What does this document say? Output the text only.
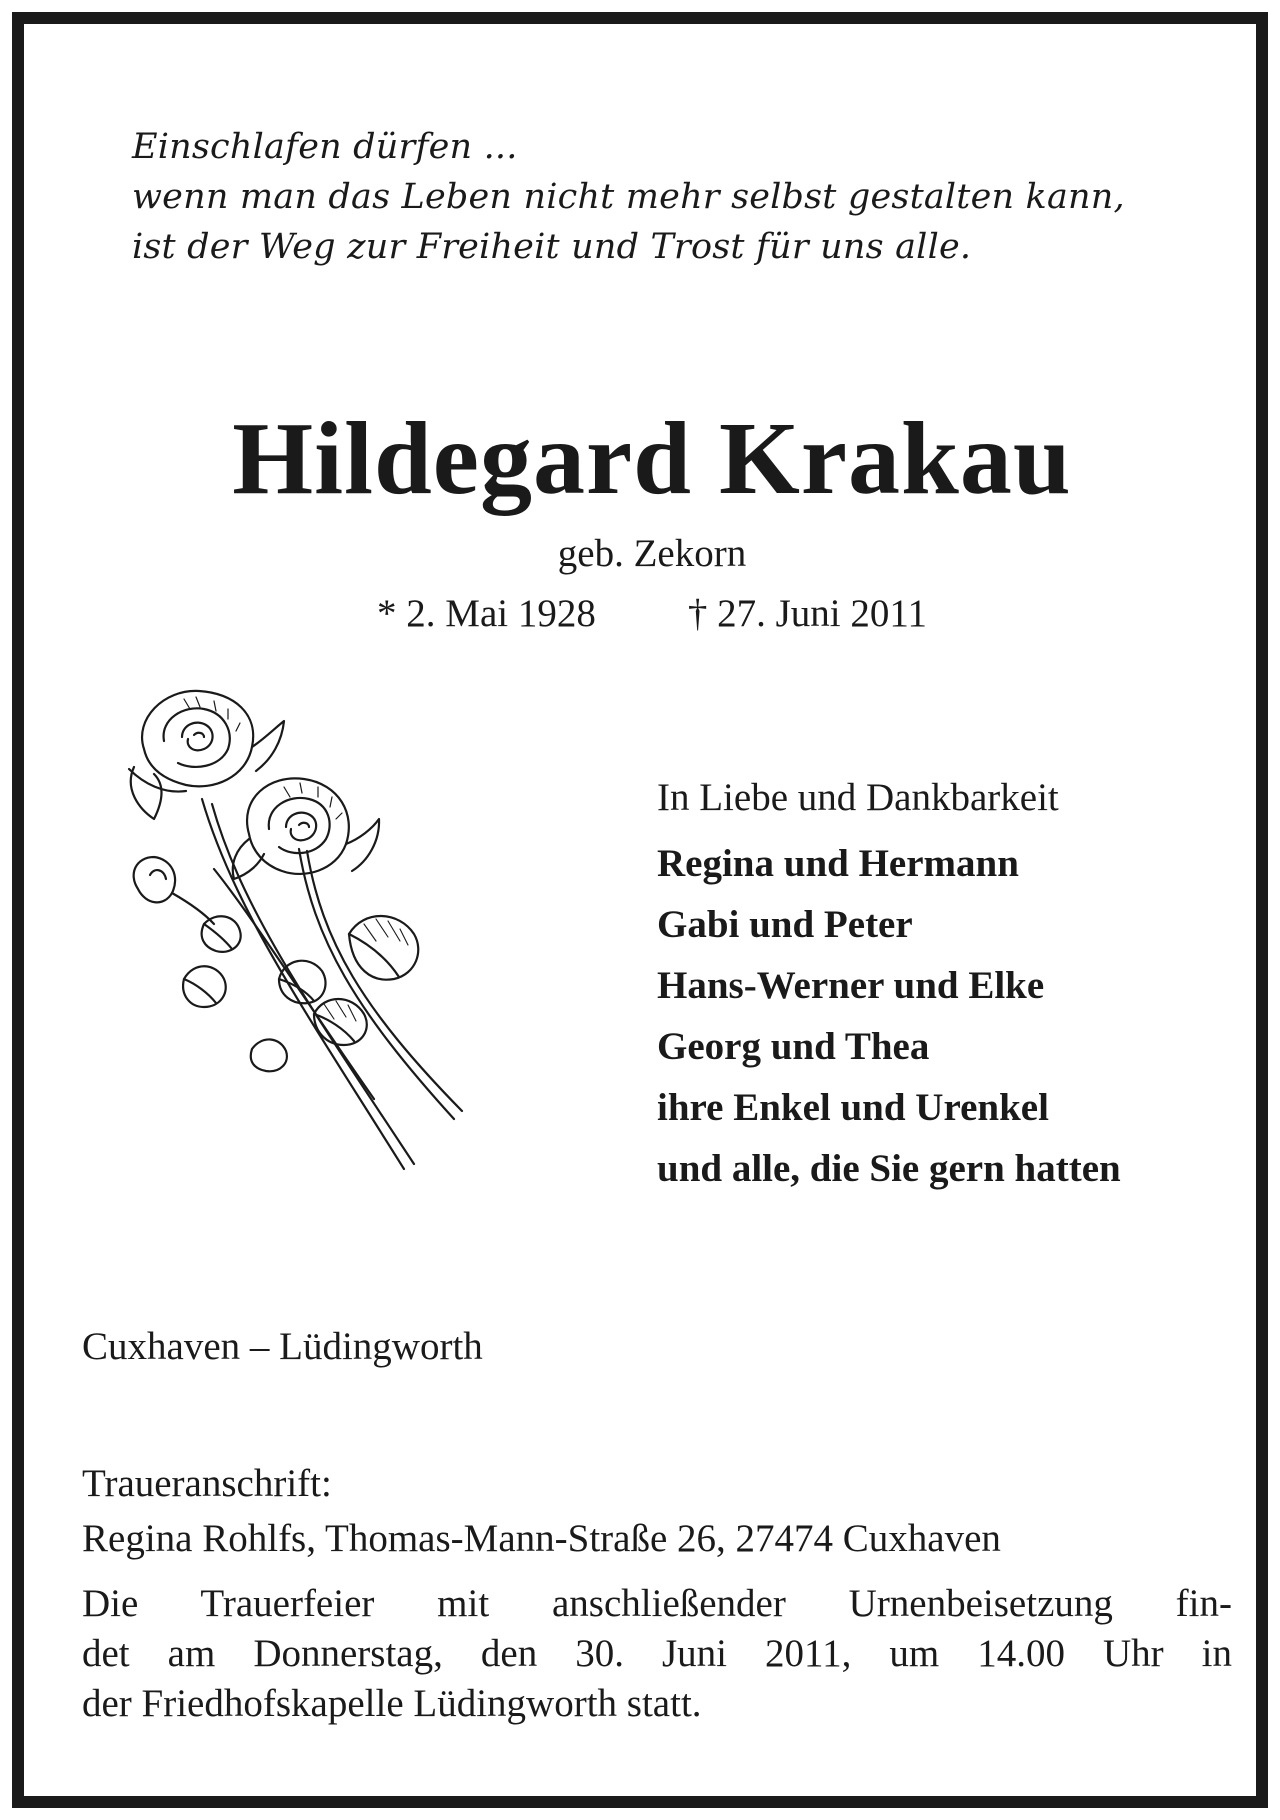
Einschlafen dürfen ...
wenn man das Leben nicht mehr selbst gestalten kann,
ist der Weg zur Freiheit und Trost für uns alle.
Hildegard Krakau
geb. Zekorn
* 2. Mai 1928 † 27. Juni 2011
In Liebe und Dankbarkeit
Regina und Hermann
Gabi und Peter
Hans-Werner und Elke
Georg und Thea
ihre Enkel und Urenkel
und alle, die Sie gern hatten
Cuxhaven – Lüdingworth
Traueranschrift:
Regina Rohlfs, Thomas-Mann-Straße 26, 27474 Cuxhaven
Die Trauerfeier mit anschließender Urnenbeisetzung fin-
det am Donnerstag, den 30. Juni 2011, um 14.00 Uhr in
der Friedhofskapelle Lüdingworth statt.
